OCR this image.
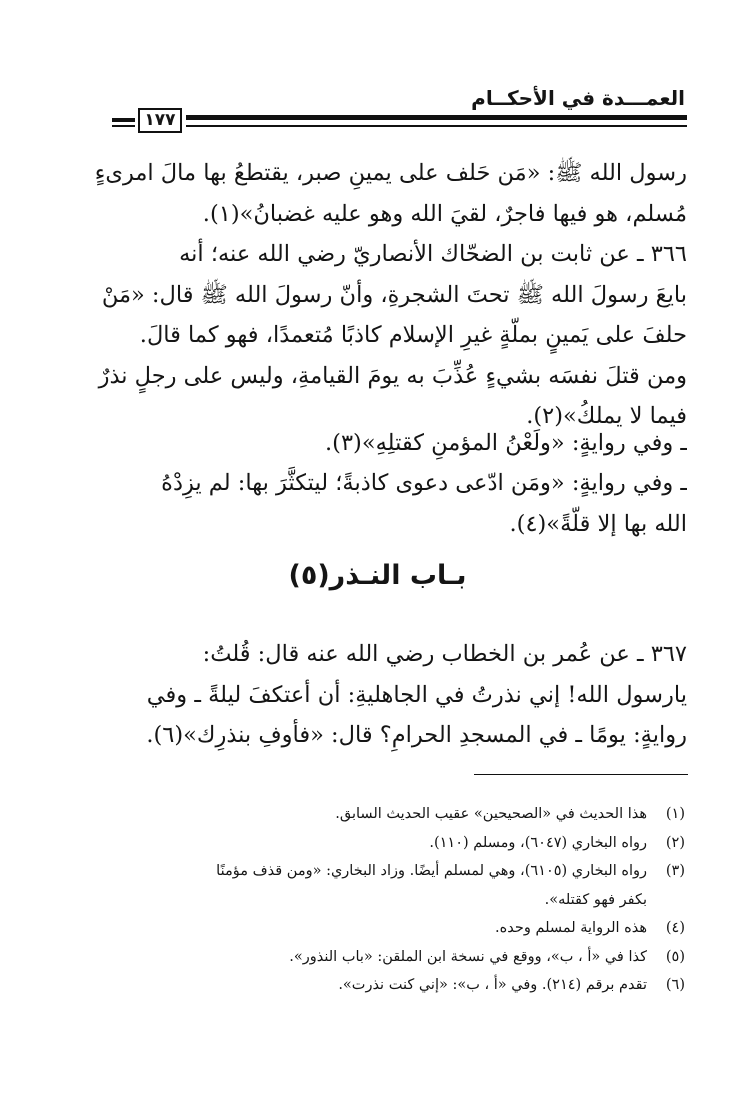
العمـــدة في الأحكــام
١٧٧
رسول الله ﷺ: «مَن حَلف على يمينِ صبر، يقتطعُ بها مالَ امرىءٍ
مُسلم، هو فيها فاجرٌ، لقيَ الله وهو عليه غضبانُ»(١).
٣٦٦ ـ عن ثابت بن الضحّاك الأنصاريّ رضي الله عنه؛ أنه
بايعَ رسولَ الله ﷺ تحتَ الشجرةِ، وأنّ رسولَ الله ﷺ قال: «مَنْ
حلفَ على يَمينٍ بملّةٍ غيرِ الإسلام كاذبًا مُتعمدًا، فهو كما قالَ.
ومن قتلَ نفسَه بشيءٍ عُذِّبَ به يومَ القيامةِ، وليس على رجلٍ نذرٌ
فيما لا يملكُ»(٢).
ـ وفي روايةٍ: «ولَعْنُ المؤمنِ كقتلِهِ»(٣).
ـ وفي روايةٍ: «ومَن ادّعى دعوى كاذبةً؛ ليتكثَّرَ بها: لم يزِدْهُ
الله بها إلا قلّةً»(٤).
بـاب النـذر(٥)
٣٦٧ ـ عن عُمر بن الخطاب رضي الله عنه قال: قُلتُ:
يارسول الله! إني نذرتُ في الجاهليةِ: أن أعتكفَ ليلةً ـ وفي
روايةٍ: يومًا ـ في المسجدِ الحرامِ؟ قال: «فأوفِ بنذرِك»(٦).
(١)
هذا الحديث في «الصحيحين» عقيب الحديث السابق.
(٢)
رواه البخاري (٦٠٤٧)، ومسلم (١١٠).
(٣)
رواه البخاري (٦١٠٥)، وهي لمسلم أيضًا. وزاد البخاري: «ومن قذف مؤمنًا
بكفر فهو كقتله».
(٤)
هذه الرواية لمسلم وحده.
(٥)
كذا في «أ ، ب»، ووقع في نسخة ابن الملقن: «باب النذور».
(٦)
تقدم برقم (٢١٤). وفي «أ ، ب»: «إني كنت نذرت».
